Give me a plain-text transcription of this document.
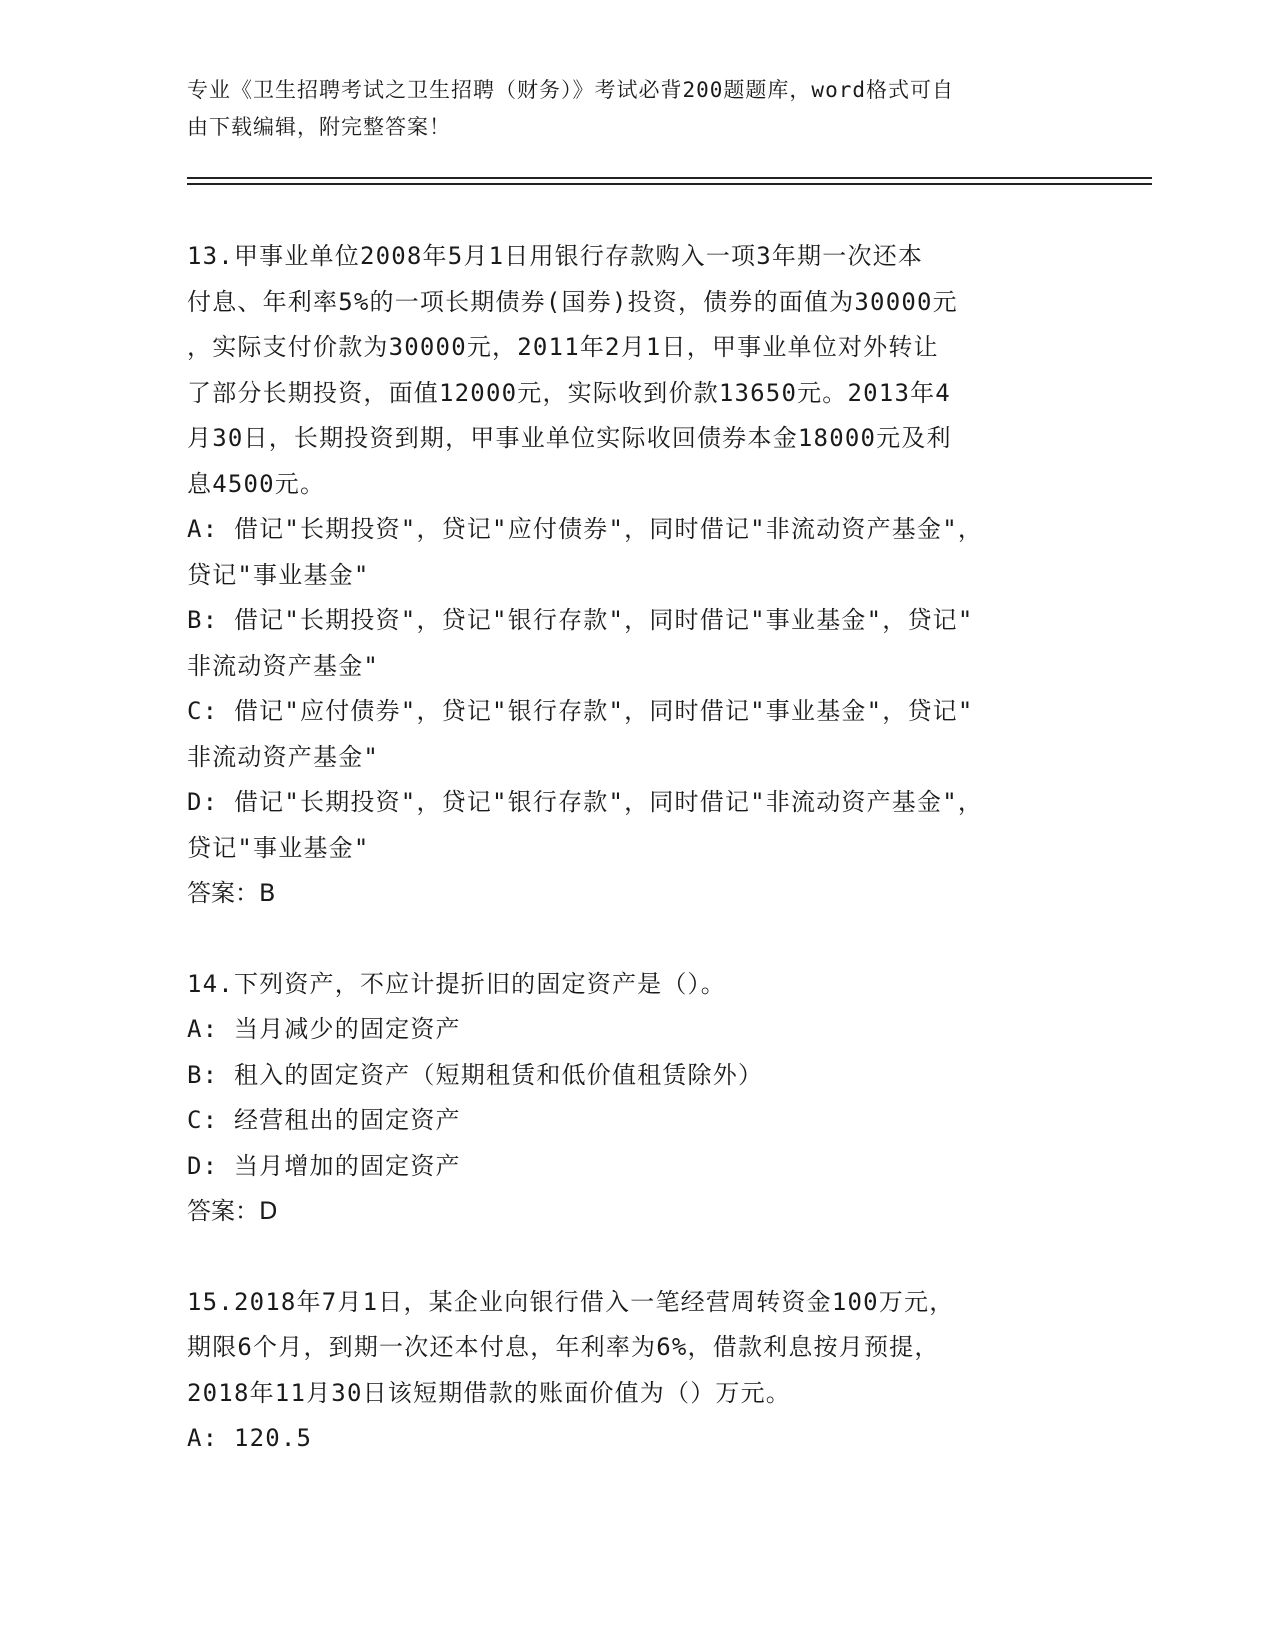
专业《卫生招聘考试之卫生招聘（财务）》考试必背200题题库，word格式可自
由下载编辑，附完整答案！
13.甲事业单位2008年5月1日用银行存款购入一项3年期一次还本
付息、年利率5%的一项长期债券(国券)投资，债券的面值为30000元
，实际支付价款为30000元，2011年2月1日，甲事业单位对外转让
了部分长期投资，面值12000元，实际收到价款13650元。2013年4
月30日，长期投资到期，甲事业单位实际收回债券本金18000元及利
息4500元。
A: 借记"长期投资"，贷记"应付债券"，同时借记"非流动资产基金"，
贷记"事业基金"
B: 借记"长期投资"，贷记"银行存款"，同时借记"事业基金"，贷记"
非流动资产基金"
C: 借记"应付债券"，贷记"银行存款"，同时借记"事业基金"，贷记"
非流动资产基金"
D: 借记"长期投资"，贷记"银行存款"，同时借记"非流动资产基金"，
贷记"事业基金"
答案：B
14.下列资产，不应计提折旧的固定资产是（）。
A: 当月减少的固定资产
B: 租入的固定资产（短期租赁和低价值租赁除外）
C: 经营租出的固定资产
D: 当月增加的固定资产
答案：D
15.2018年7月1日，某企业向银行借入一笔经营周转资金100万元，
期限6个月，到期一次还本付息，年利率为6%，借款利息按月预提，
2018年11月30日该短期借款的账面价值为（）万元。
A: 120.5
